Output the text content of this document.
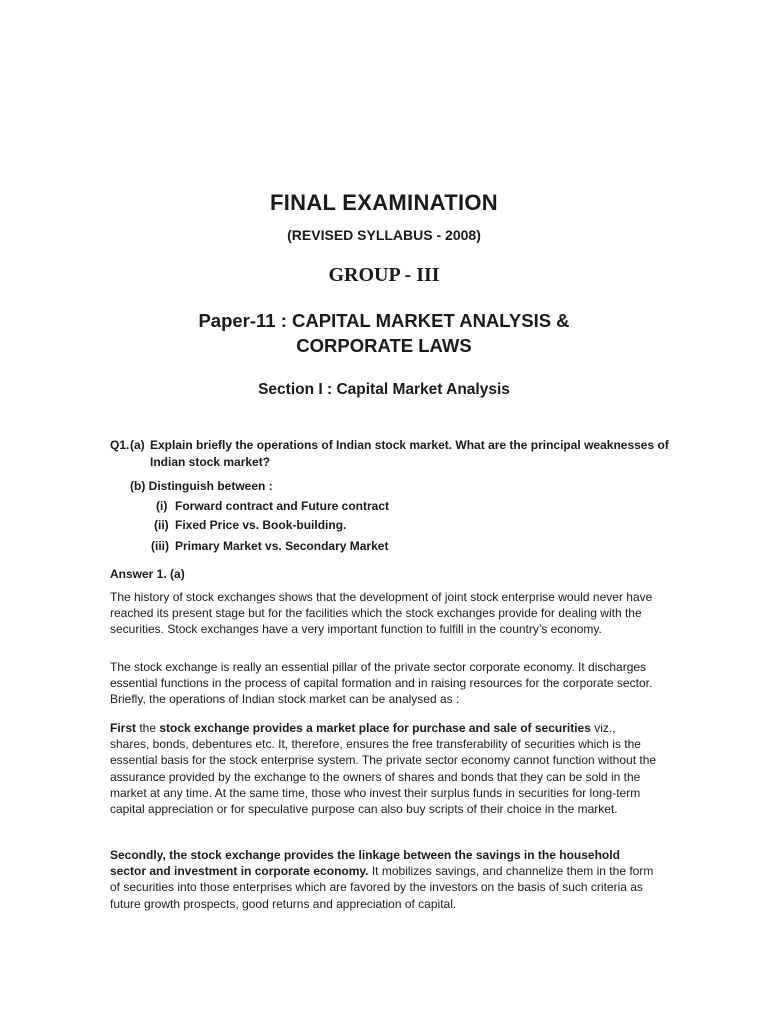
FINAL EXAMINATION
(REVISED SYLLABUS - 2008)
GROUP - III
Paper-11 : CAPITAL MARKET ANALYSIS &
CORPORATE LAWS
Section I : Capital Market Analysis
Q1. (a) Explain briefly the operations of Indian stock market. What are the principal weaknesses of
Indian stock market?
(b) Distinguish between :
(i) Forward contract and Future contract
(ii) Fixed Price vs. Book-building.
(iii) Primary Market vs. Secondary Market
Answer 1. (a)
The history of stock exchanges shows that the development of joint stock enterprise would never have reached its present stage but for the facilities which the stock exchanges provide for dealing with the securities. Stock exchanges have a very important function to fulfill in the country’s economy.
The stock exchange is really an essential pillar of the private sector corporate economy. It discharges essential functions in the process of capital formation and in raising resources for the corporate sector. Briefly, the operations of Indian stock market can be analysed as :
First the stock exchange provides a market place for purchase and sale of securities viz., shares, bonds, debentures etc. It, therefore, ensures the free transferability of securities which is the essential basis for the stock enterprise system. The private sector economy cannot function without the assurance provided by the exchange to the owners of shares and bonds that they can be sold in the market at any time. At the same time, those who invest their surplus funds in securities for long-term capital appreciation or for speculative purpose can also buy scripts of their choice in the market.
Secondly, the stock exchange provides the linkage between the savings in the household sector and investment in corporate economy. It mobilizes savings, and channelize them in the form of securities into those enterprises which are favored by the investors on the basis of such criteria as future growth prospects, good returns and appreciation of capital.
